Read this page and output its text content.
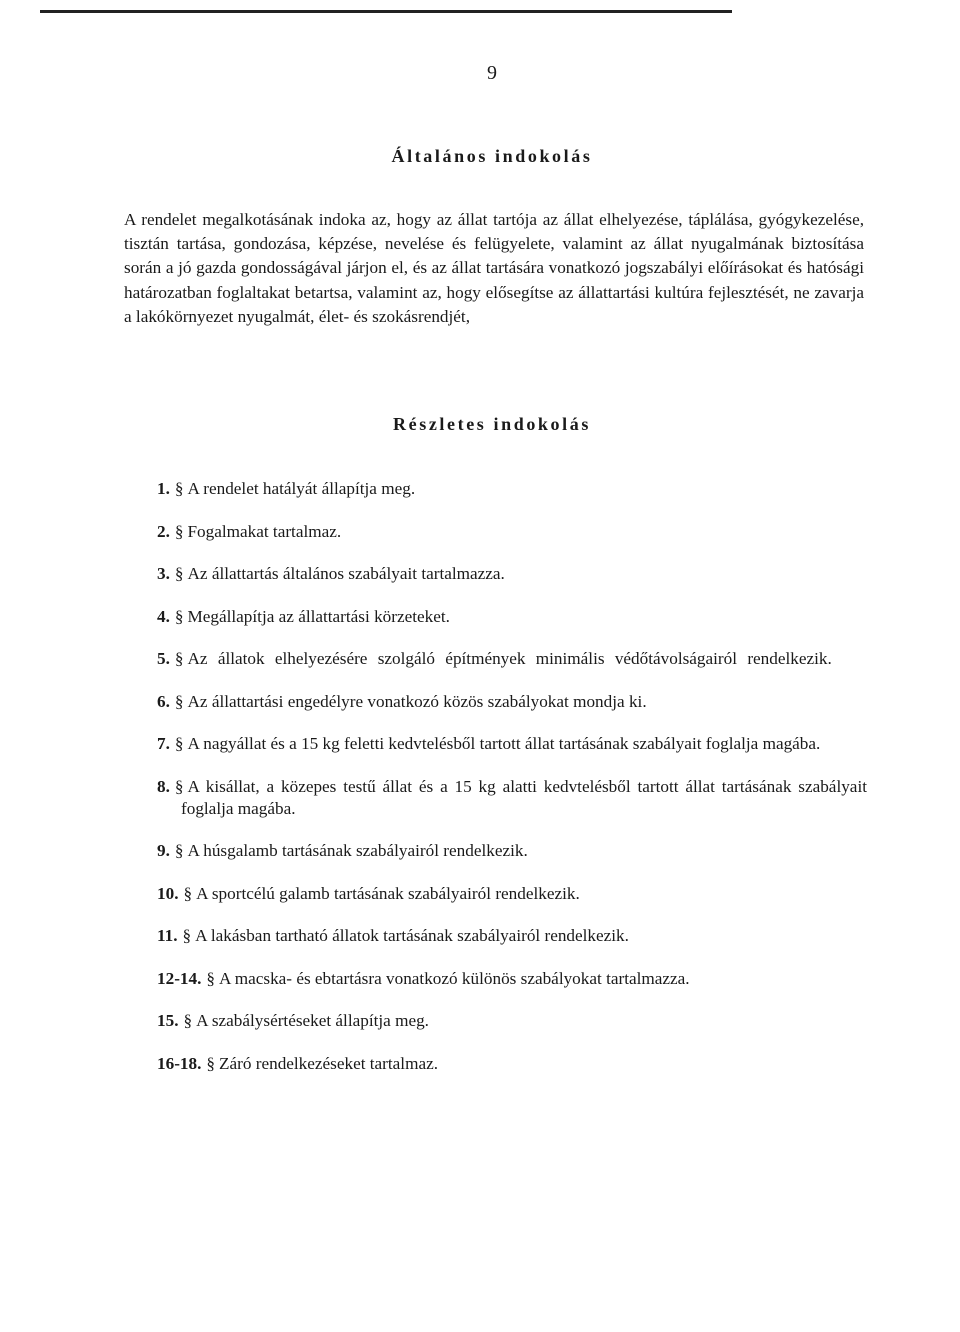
9
Általános indokolás

A rendelet megalkotásának indoka az, hogy az állat tartója az állat elhelyezése, táplálása, gyógykezelése, tisztán tartása, gondozása, képzése, nevelése és felügyelete, valamint az állat nyugalmának biztosítása során a jó gazda gondosságával járjon el, és az állat tartására vonatkozó jogszabályi előírásokat és hatósági határozatban foglaltakat betartsa, valamint az, hogy elősegítse az állattartási kultúra fejlesztését, ne zavarja a lakókörnyezet nyugalmát, élet- és szokásrendjét,

Részletes indokolás
1. § A rendelet hatályát állapítja meg.
2. § Fogalmakat tartalmaz.
3. § Az állattartás általános szabályait tartalmazza.
4. § Megállapítja az állattartási körzeteket.
5. § Az állatok elhelyezésére szolgáló építmények minimális védőtávolságairól rendelkezik.
6. § Az állattartási engedélyre vonatkozó közös szabályokat mondja ki.
7. § A nagyállat és a 15 kg feletti kedvtelésből tartott állat tartásának szabályait foglalja magába.
8. § A kisállat, a közepes testű állat és a 15 kg alatti kedvtelésből tartott állat tartásának szabályait foglalja magába.
9. § A húsgalamb tartásának szabályairól rendelkezik.
10. § A sportcélú galamb tartásának szabályairól rendelkezik.
11. § A lakásban tartható állatok tartásának szabályairól rendelkezik.
12-14. § A macska- és ebtartásra vonatkozó különös szabályokat tartalmazza.
15. § A szabálysértéseket állapítja meg.
16-18. § Záró rendelkezéseket tartalmaz.
